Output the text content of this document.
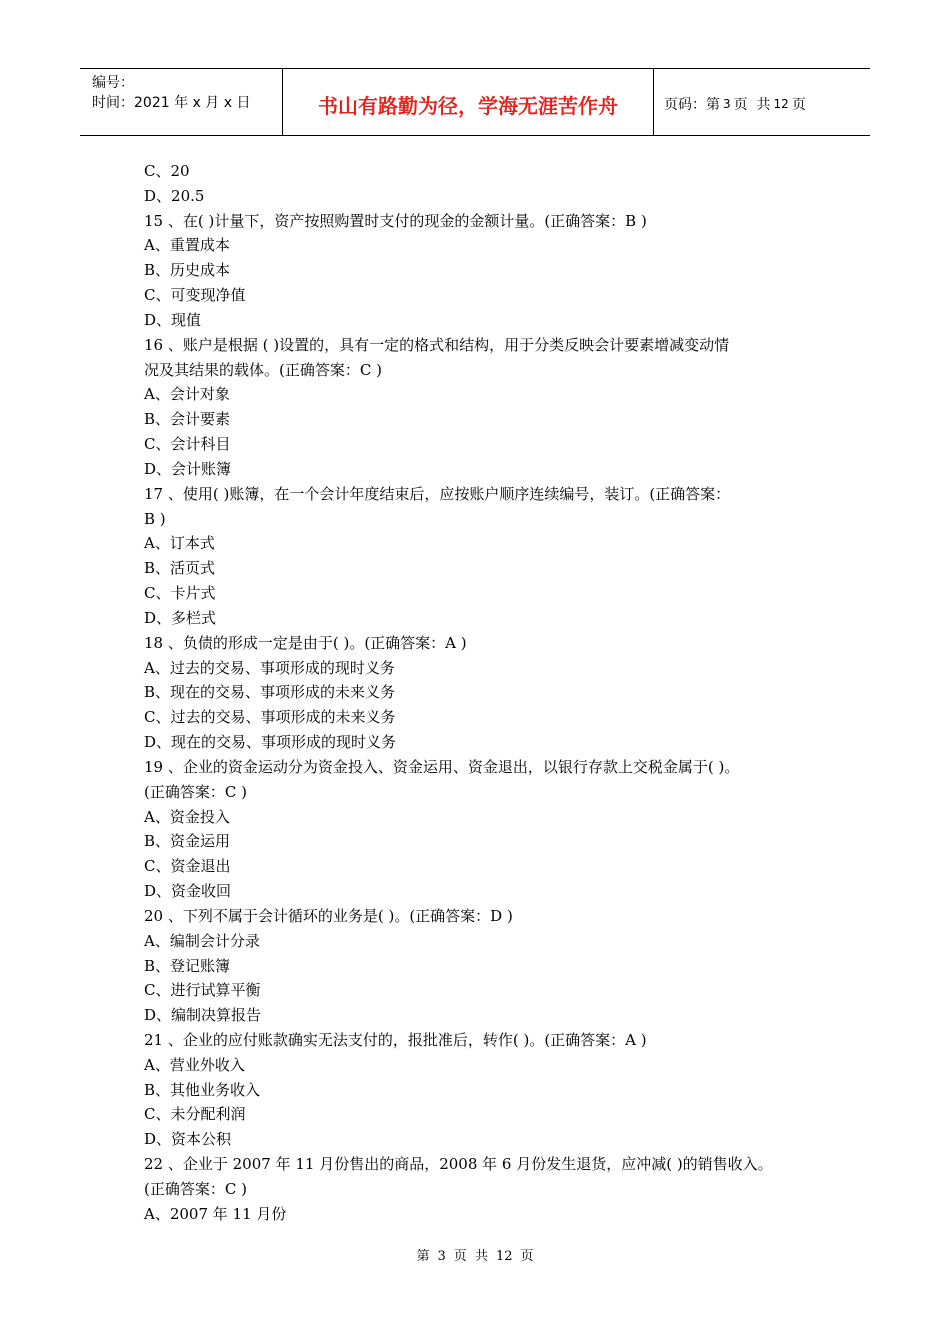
编号：
时间：2021 年 x 月 x 日	书山有路勤为径，学海无涯苦作舟	页码：第 3 页  共 12 页
C、20
D、20.5
15 、在( )计量下，资产按照购置时支付的现金的金额计量。(正确答案：B )
A、重置成本
B、历史成本
C、可变现净值
D、现值
16 、账户是根据 ( )设置的，具有一定的格式和结构，用于分类反映会计要素增减变动情
况及其结果的载体。(正确答案：C )
A、会计对象
B、会计要素
C、会计科目
D、会计账簿
17 、使用( )账簿，在一个会计年度结束后，应按账户顺序连续编号，装订。(正确答案：
B )
A、订本式
B、活页式
C、卡片式
D、多栏式
18 、负债的形成一定是由于( )。(正确答案：A )
A、过去的交易、事项形成的现时义务
B、现在的交易、事项形成的未来义务
C、过去的交易、事项形成的未来义务
D、现在的交易、事项形成的现时义务
19 、企业的资金运动分为资金投入、资金运用、资金退出，以银行存款上交税金属于( )。
(正确答案：C )
A、资金投入
B、资金运用
C、资金退出
D、资金收回
20 、下列不属于会计循环的业务是( )。(正确答案：D )
A、编制会计分录
B、登记账簿
C、进行试算平衡
D、编制决算报告
21 、企业的应付账款确实无法支付的，报批准后，转作( )。(正确答案：A )
A、营业外收入
B、其他业务收入
C、未分配利润
D、资本公积
22 、企业于 2007 年 11 月份售出的商品，2008 年 6 月份发生退货，应冲减( )的销售收入。
(正确答案：C )
A、2007 年 11 月份
第 3 页  共 12 页
